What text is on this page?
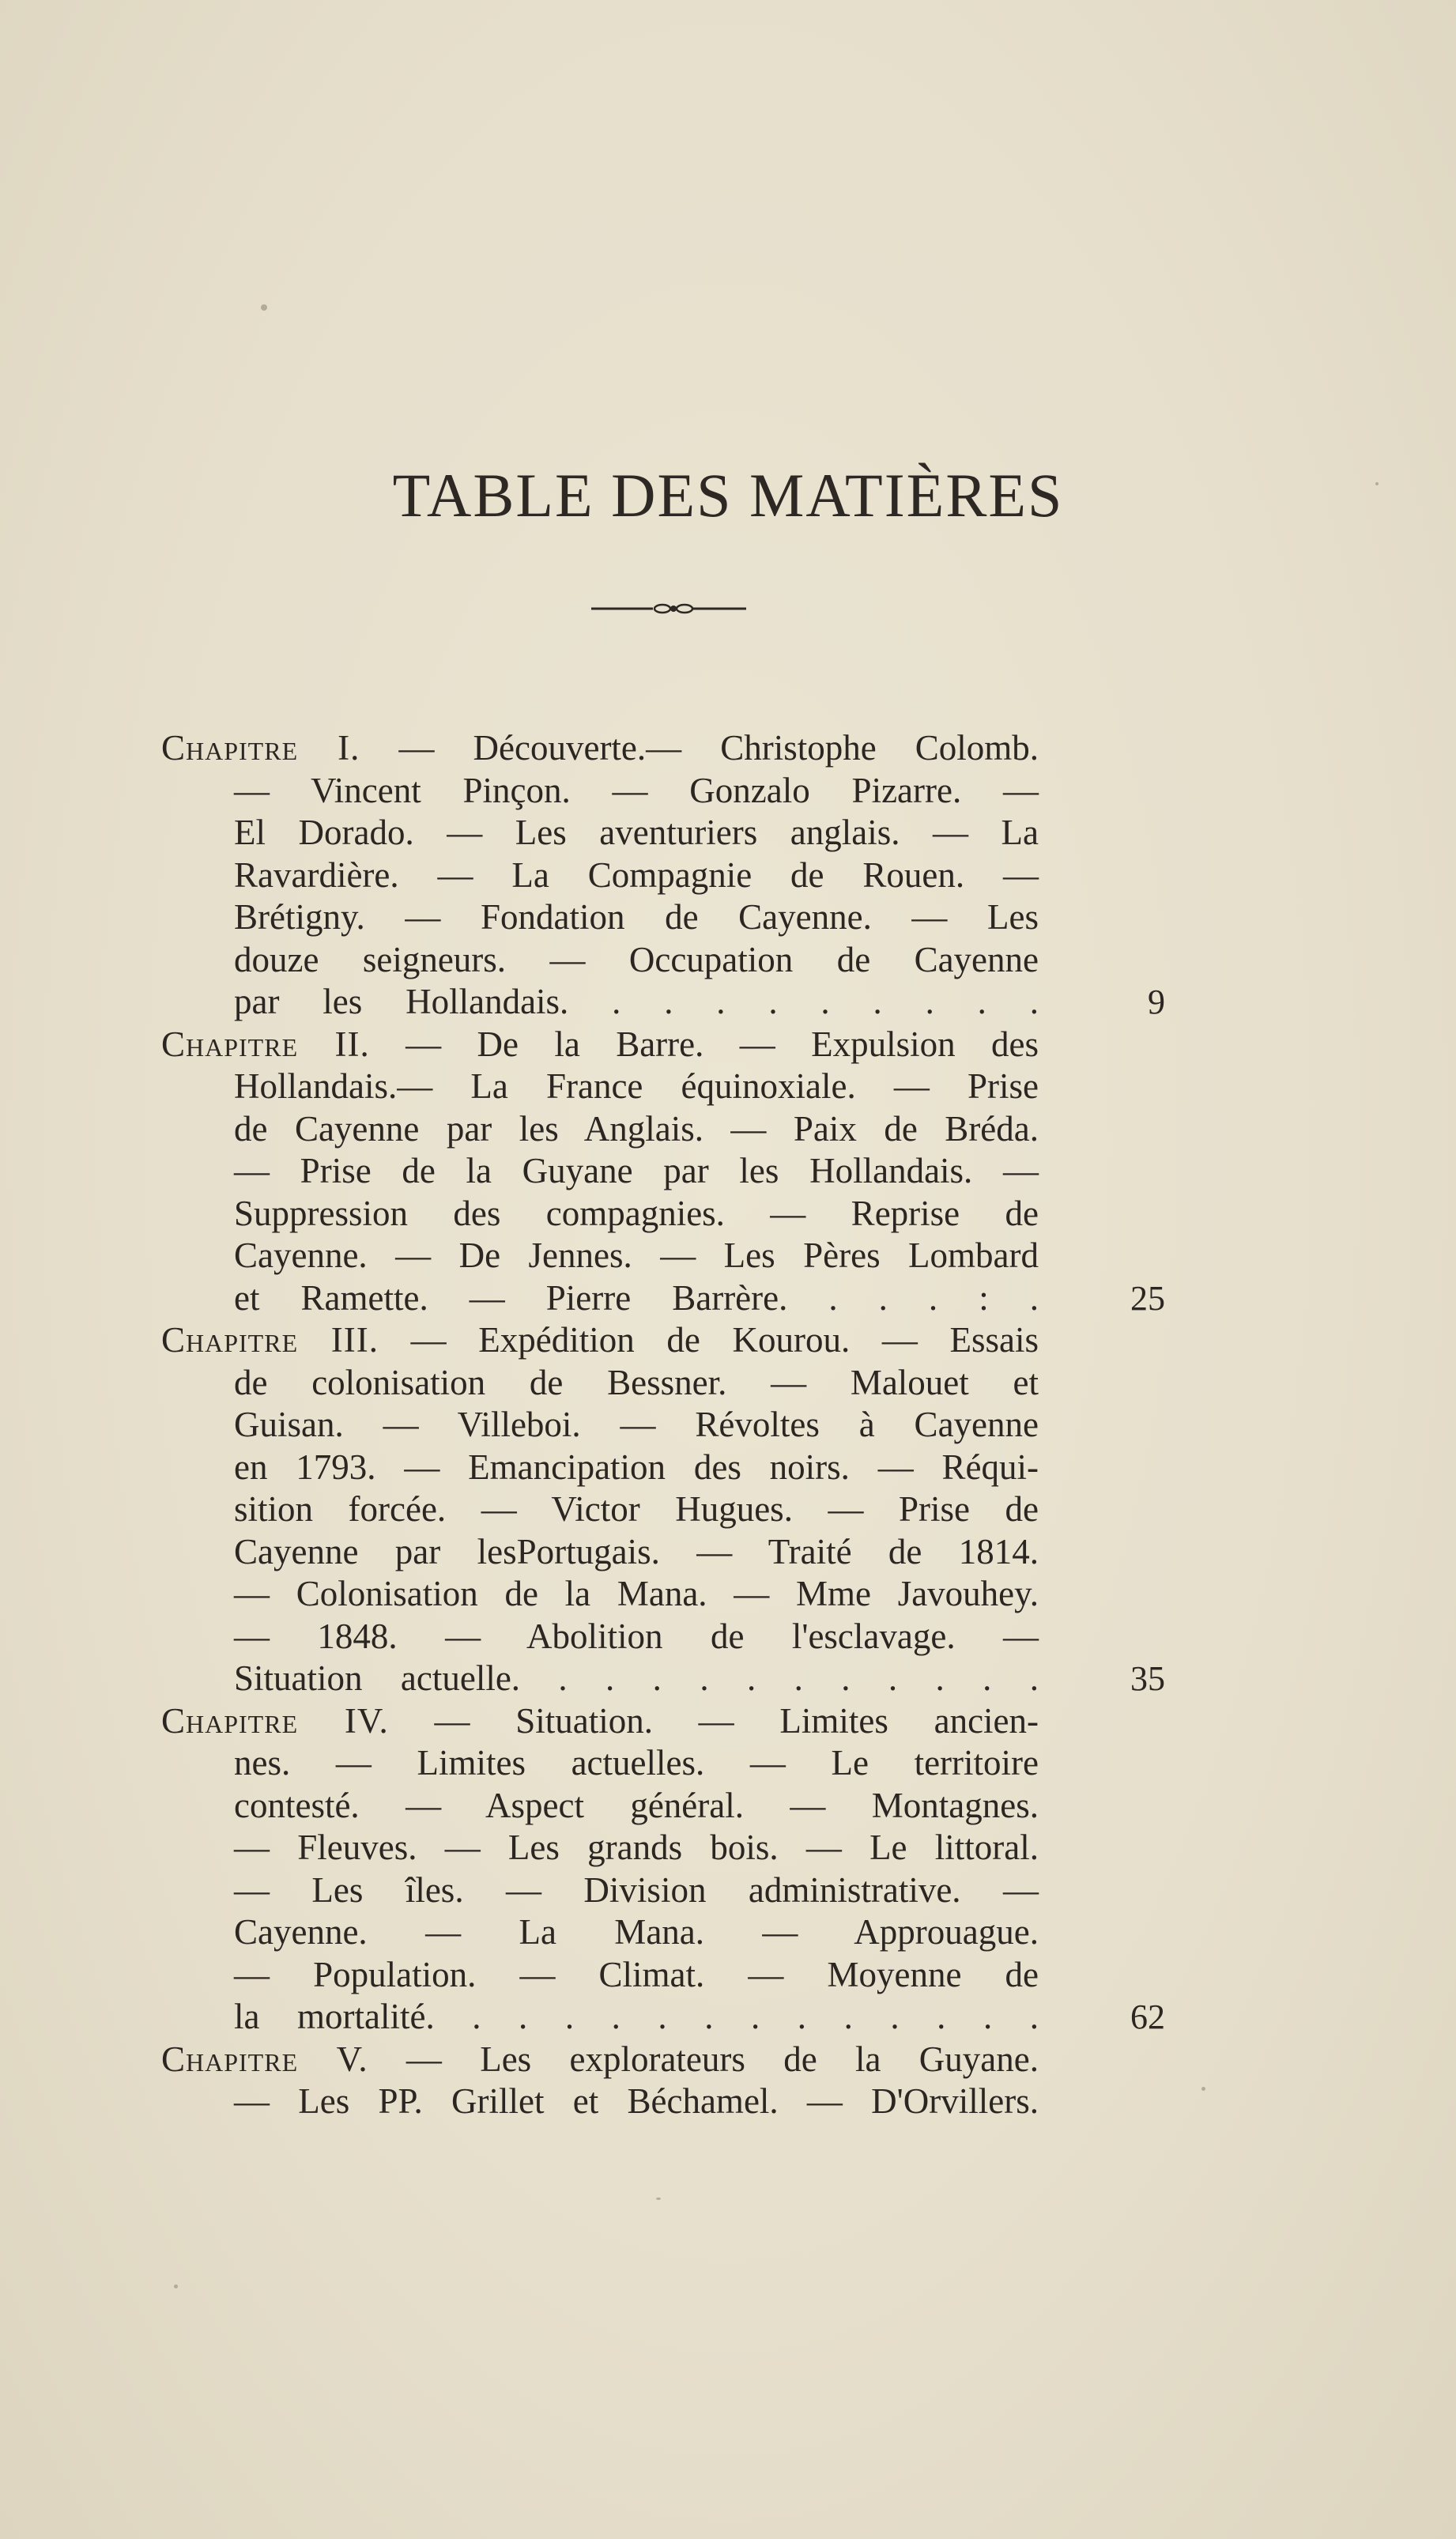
TABLE DES MATIÈRES
Chapitre I. — Découverte.— Christophe Colomb.
— Vincent Pinçon. — Gonzalo Pizarre. —
El Dorado. — Les aventuriers anglais. — La
Ravardière. — La Compagnie de Rouen. —
Brétigny. — Fondation de Cayenne. — Les
douze seigneurs. — Occupation de Cayenne
par les Hollandais. . . . . . . . . .	9
Chapitre II. — De la Barre. — Expulsion des
Hollandais.— La France équinoxiale. — Prise
de Cayenne par les Anglais. — Paix de Bréda.
— Prise de la Guyane par les Hollandais. —
Suppression des compagnies. — Reprise de
Cayenne. — De Jennes. — Les Pères Lombard
et Ramette. — Pierre Barrère. . . . : .	25
Chapitre III. — Expédition de Kourou. — Essais
de colonisation de Bessner. — Malouet et
Guisan. — Villeboi. — Révoltes à Cayenne
en 1793. — Emancipation des noirs. — Réqui-
sition forcée. — Victor Hugues. — Prise de
Cayenne par lesPortugais. — Traité de 1814.
— Colonisation de la Mana. — Mme Javouhey.
— 1848. — Abolition de l'esclavage. —
Situation actuelle. . . . . . . . . . . .	35
Chapitre IV. — Situation. — Limites ancien-
nes. — Limites actuelles. — Le territoire
contesté. — Aspect général. — Montagnes.
— Fleuves. — Les grands bois. — Le littoral.
— Les îles. — Division administrative. —
Cayenne. — La Mana. — Approuague.
— Population. — Climat. — Moyenne de
la mortalité. . . . . . . . . . . . . .	62
Chapitre V. — Les explorateurs de la Guyane.
— Les PP. Grillet et Béchamel. — D'Orvillers.
